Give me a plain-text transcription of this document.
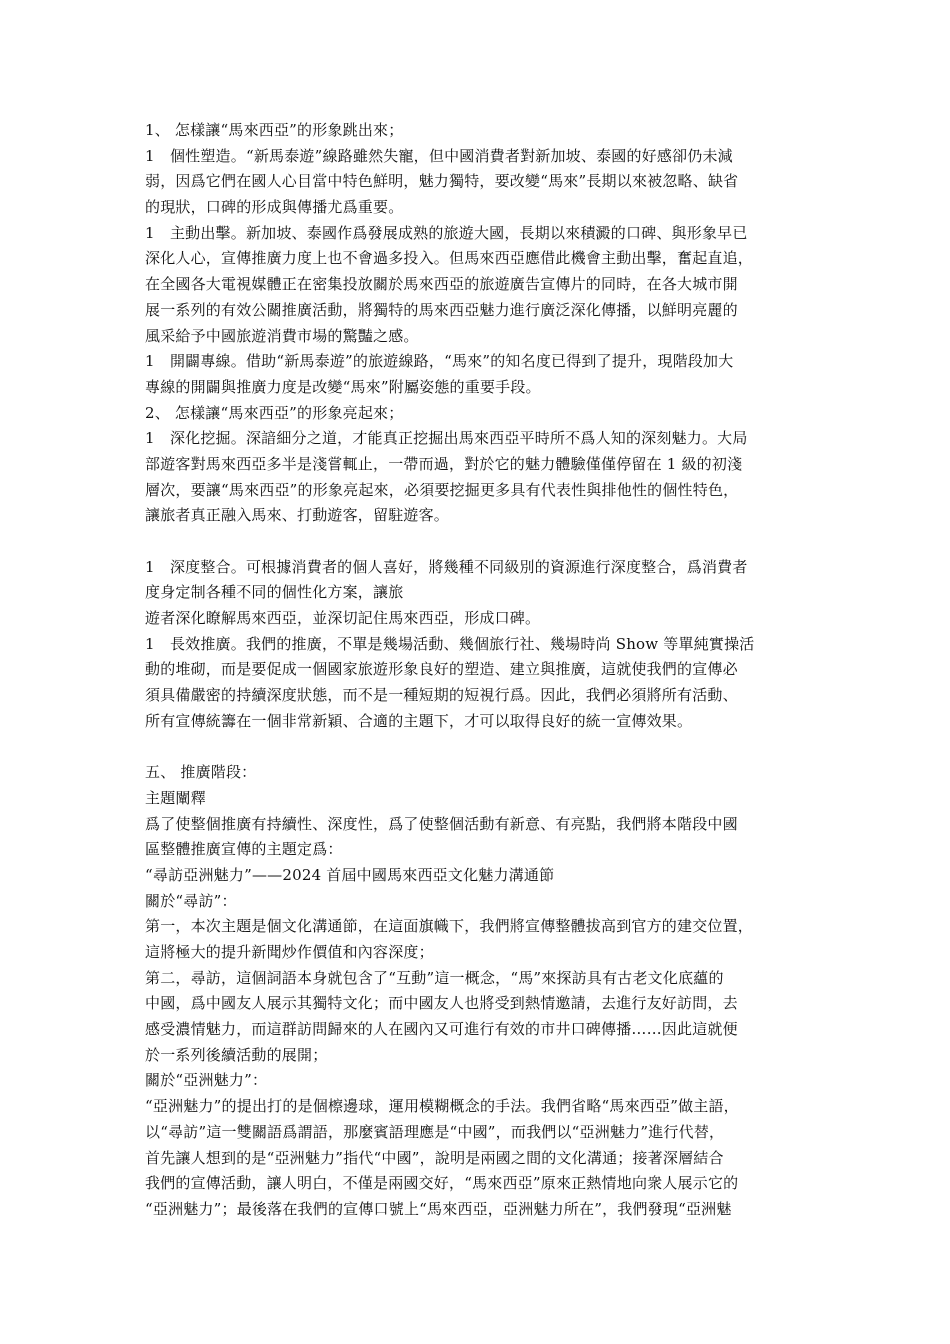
1、 怎樣讓“馬來西亞”的形象跳出來；
1　個性塑造。“新馬泰遊”線路雖然失寵，但中國消費者對新加坡、泰國的好感卻仍未減
弱，因爲它們在國人心目當中特色鮮明，魅力獨特，要改變“馬來”長期以來被忽略、缺省
的現狀，口碑的形成與傳播尤爲重要。
1　主動出擊。新加坡、泰國作爲發展成熟的旅遊大國，長期以來積澱的口碑、與形象早已
深化人心，宣傳推廣力度上也不會過多投入。但馬來西亞應借此機會主動出擊，奮起直追，
在全國各大電視媒體正在密集投放關於馬來西亞的旅遊廣告宣傳片的同時，在各大城市開
展一系列的有效公關推廣活動，將獨特的馬來西亞魅力進行廣泛深化傳播，以鮮明亮麗的
風采給予中國旅遊消費市場的驚豔之感。
1　開闢專線。借助“新馬泰遊”的旅遊線路，“馬來”的知名度已得到了提升，現階段加大
專線的開闢與推廣力度是改變“馬來”附屬姿態的重要手段。
2、 怎樣讓“馬來西亞”的形象亮起來；
1　深化挖掘。深諳細分之道，才能真正挖掘出馬來西亞平時所不爲人知的深刻魅力。大局
部遊客對馬來西亞多半是淺嘗輒止，一帶而過，對於它的魅力體驗僅僅停留在 1 級的初淺
層次，要讓“馬來西亞”的形象亮起來，必須要挖掘更多具有代表性與排他性的個性特色，
讓旅者真正融入馬來、打動遊客，留駐遊客。
1　深度整合。可根據消費者的個人喜好，將幾種不同級別的資源進行深度整合，爲消費者
度身定制各種不同的個性化方案，讓旅
遊者深化瞭解馬來西亞，並深切記住馬來西亞，形成口碑。
1　長效推廣。我們的推廣，不單是幾場活動、幾個旅行社、幾場時尚 Show 等單純實操活
動的堆砌，而是要促成一個國家旅遊形象良好的塑造、建立與推廣，這就使我們的宣傳必
須具備嚴密的持續深度狀態，而不是一種短期的短視行爲。因此，我們必須將所有活動、
所有宣傳統籌在一個非常新穎、合適的主題下，才可以取得良好的統一宣傳效果。
五、 推廣階段：
主題闡釋
爲了使整個推廣有持續性、深度性，爲了使整個活動有新意、有亮點，我們將本階段中國
區整體推廣宣傳的主題定爲：
“尋訪亞洲魅力”——2024 首屆中國馬來西亞文化魅力溝通節
關於“尋訪”：
第一，本次主題是個文化溝通節，在這面旗幟下，我們將宣傳整體拔高到官方的建交位置，
這將極大的提升新聞炒作價值和內容深度；
第二，尋訪，這個詞語本身就包含了“互動”這一概念，“馬”來探訪具有古老文化底蘊的
中國，爲中國友人展示其獨特文化；而中國友人也將受到熱情邀請，去進行友好訪問，去
感受濃情魅力，而這群訪問歸來的人在國內又可進行有效的市井口碑傳播……因此這就便
於一系列後續活動的展開；
關於“亞洲魅力”：
“亞洲魅力”的提出打的是個檫邊球，運用模糊概念的手法。我們省略“馬來西亞”做主語，
以“尋訪”這一雙關語爲謂語，那麼賓語理應是“中國”，而我們以“亞洲魅力”進行代替，
首先讓人想到的是“亞洲魅力”指代“中國”，說明是兩國之間的文化溝通；接著深層結合
我們的宣傳活動，讓人明白，不僅是兩國交好，“馬來西亞”原來正熱情地向衆人展示它的
“亞洲魅力”；最後落在我們的宣傳口號上“馬來西亞，亞洲魅力所在”，我們發現“亞洲魅
